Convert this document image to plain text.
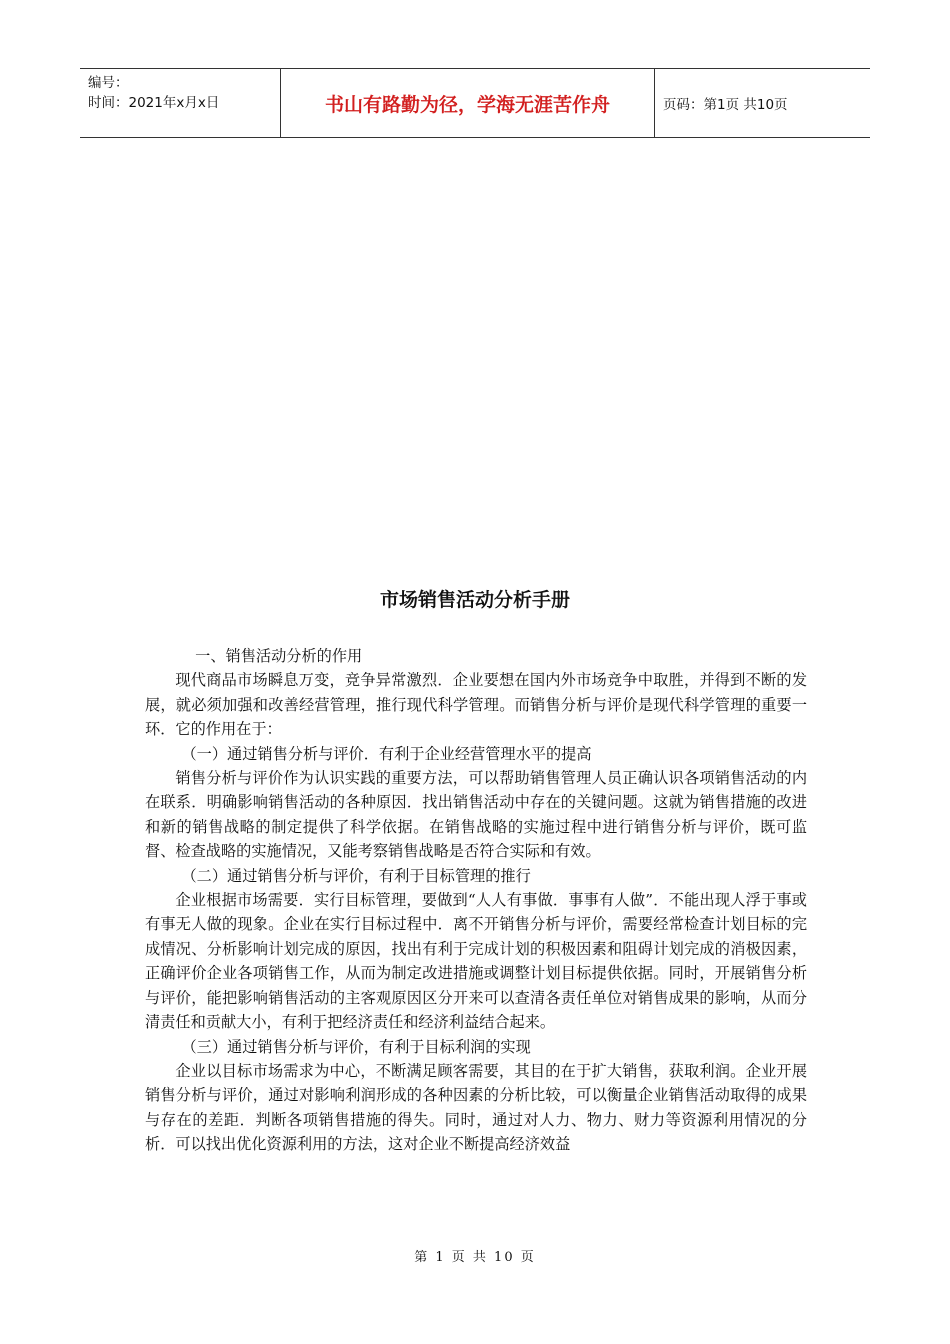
编号：
时间：2021年x月x日	书山有路勤为径，学海无涯苦作舟	页码：第1页 共10页
市场销售活动分析手册

一、销售活动分析的作用

现代商品市场瞬息万变，竞争异常激烈．企业要想在国内外市场竞争中取胜，并得到不断的发展，就必须加强和改善经营管理，推行现代科学管理。而销售分析与评价是现代科学管理的重要一环．它的作用在于：

（一）通过销售分析与评价．有利于企业经营管理水平的提高

销售分析与评价作为认识实践的重要方法，可以帮助销售管理人员正确认识各项销售活动的内在联系．明确影响销售活动的各种原因．找出销售活动中存在的关键问题。这就为销售措施的改进和新的销售战略的制定提供了科学依据。在销售战略的实施过程中进行销售分析与评价，既可监督、检查战略的实施情况，又能考察销售战略是否符合实际和有效。

（二）通过销售分析与评价，有利于目标管理的推行

企业根据市场需要．实行目标管理，要做到“人人有事做．事事有人做”．不能出现人浮于事或有事无人做的现象。企业在实行目标过程中．离不开销售分析与评价，需要经常检查计划目标的完成情况、分析影响计划完成的原因，找出有利于完成计划的积极因素和阻碍计划完成的消极因素，正确评价企业各项销售工作，从而为制定改进措施或调整计划目标提供依据。同时，开展销售分析与评价，能把影响销售活动的主客观原因区分开来可以查清各责任单位对销售成果的影响，从而分清责任和贡献大小，有利于把经济责任和经济利益结合起来。

（三）通过销售分析与评价，有利于目标利润的实现

企业以目标市场需求为中心，不断满足顾客需要，其目的在于扩大销售，获取利润。企业开展销售分析与评价，通过对影响利润形成的各种因素的分析比较，可以衡量企业销售活动取得的成果与存在的差距．判断各项销售措施的得失。同时，通过对人力、物力、财力等资源利用情况的分析．可以找出优化资源利用的方法，这对企业不断提高经济效益

第 1 页 共 10 页
